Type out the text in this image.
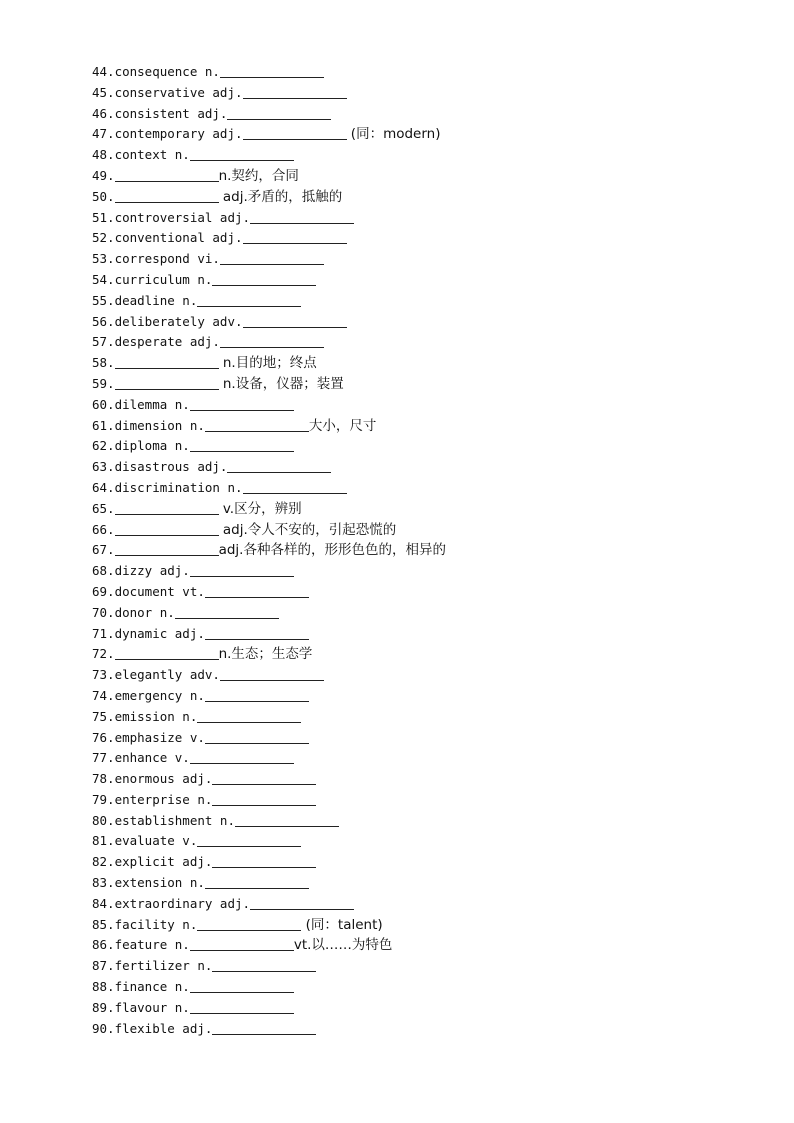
44.consequence n.
45.conservative adj.
46.consistent adj.
47.contemporary adj.	(同：modern)
48.context n.
49.	n.契约，合同
50.	adj.矛盾的，抵触的
51.controversial adj.
52.conventional adj.
53.correspond vi.
54.curriculum n.
55.deadline n.
56.deliberately adv.
57.desperate adj.
58.	n.目的地；终点
59.	n.设备，仪器；装置
60.dilemma n.
61.dimension n.	大小，尺寸
62.diploma n.
63.disastrous adj.
64.discrimination n.
65.	v.区分，辨别
66.	adj.令人不安的，引起恐慌的
67.	adj.各种各样的，形形色色的，相异的
68.dizzy adj.
69.document vt.
70.donor n.
71.dynamic adj.
72.	n.生态；生态学
73.elegantly adv.
74.emergency n.
75.emission n.
76.emphasize v.
77.enhance v.
78.enormous adj.
79.enterprise n.
80.establishment n.
81.evaluate v.
82.explicit adj.
83.extension n.
84.extraordinary adj.
85.facility n.	(同：talent)
86.feature n.	vt.以……为特色
87.fertilizer n.
88.finance n.
89.flavour n.
90.flexible adj.
